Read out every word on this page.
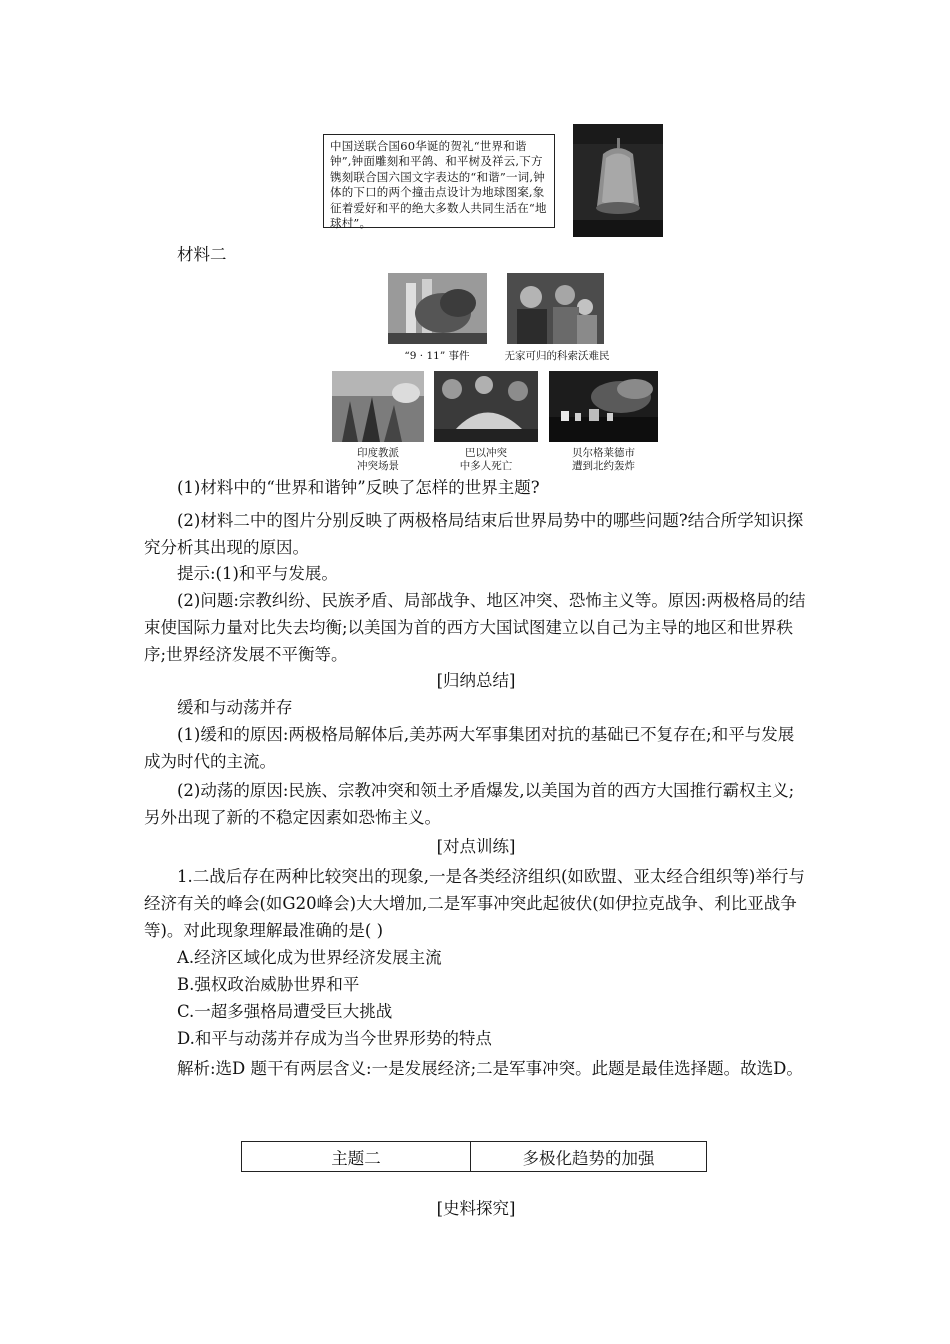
中国送联合国60华诞的贺礼“世界和谐钟”,钟面雕刻和平鸽、和平树及祥云,下方镌刻联合国六国文字表达的“和谐”一词,钟体的下口的两个撞击点设计为地球图案,象征着爱好和平的绝大多数人共同生活在“地球村”。

材料二

“9 · 11” 事件	无家可归的科索沃难民
印度教派
冲突场景
巴以冲突
中多人死亡
贝尔格莱德市
遭到北约轰炸

(1)材料中的“世界和谐钟”反映了怎样的世界主题?

(2)材料二中的图片分别反映了两极格局结束后世界局势中的哪些问题?结合所学知识探究分析其出现的原因。

提示:(1)和平与发展。

(2)问题:宗教纠纷、民族矛盾、局部战争、地区冲突、恐怖主义等。原因:两极格局的结束使国际力量对比失去均衡;以美国为首的西方大国试图建立以自己为主导的地区和世界秩序;世界经济发展不平衡等。

[归纳总结]

缓和与动荡并存

(1)缓和的原因:两极格局解体后,美苏两大军事集团对抗的基础已不复存在;和平与发展成为时代的主流。

(2)动荡的原因:民族、宗教冲突和领土矛盾爆发,以美国为首的西方大国推行霸权主义;另外出现了新的不稳定因素如恐怖主义。

[对点训练]

1.二战后存在两种比较突出的现象,一是各类经济组织(如欧盟、亚太经合组织等)举行与经济有关的峰会(如G20峰会)大大增加,二是军事冲突此起彼伏(如伊拉克战争、利比亚战争等)。对此现象理解最准确的是( )

A.经济区域化成为世界经济发展主流

B.强权政治威胁世界和平

C.一超多强格局遭受巨大挑战

D.和平与动荡并存成为当今世界形势的特点

解析:选D 题干有两层含义:一是发展经济;二是军事冲突。此题是最佳选择题。故选D。

主题二	多极化趋势的加强

[史料探究]
